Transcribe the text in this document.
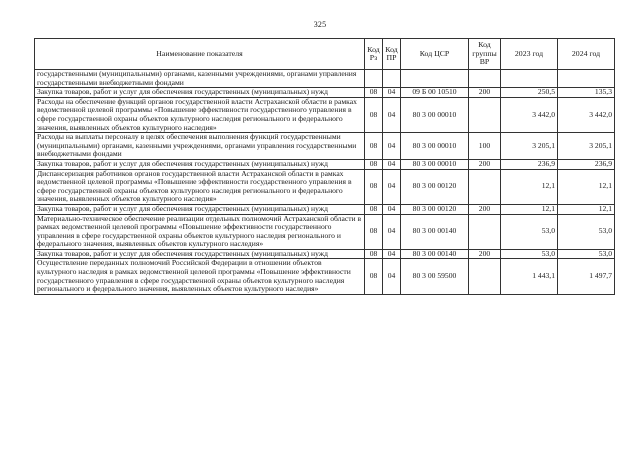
325
Наименование показателя	Код Рз	Код ПР	Код ЦСР	Код группы ВР	2023 год	2024 год
государственными (муниципальными) органами, казенными учреждениями, органами управления государственными внебюджетными фондами						
Закупка товаров, работ и услуг для обеспечения государственных (муниципальных) нужд	08	04	09 Б 00 10510	200	250,5	135,3
Расходы на обеспечение функций органов государственной власти Астраханской области в рамках ведомственной целевой программы «Повышение эффективности государственного управления в сфере государственной охраны объектов культурного наследия регионального и федерального значения, выявленных объектов культурного наследия»	08	04	80 3 00 00010		3 442,0	3 442,0
Расходы на выплаты персоналу в целях обеспечения выполнения функций государственными (муниципальными) органами, казенными учреждениями, органами управления государственными внебюджетными фондами	08	04	80 3 00 00010	100	3 205,1	3 205,1
Закупка товаров, работ и услуг для обеспечения государственных (муниципальных) нужд	08	04	80 3 00 00010	200	236,9	236,9
Диспансеризация работников органов государственной власти Астраханской области в рамках ведомственной целевой программы «Повышение эффективности государственного управления в сфере государственной охраны объектов культурного наследия регионального и федерального значения, выявленных объектов культурного наследия»	08	04	80 3 00 00120		12,1	12,1
Закупка товаров, работ и услуг для обеспечения государственных (муниципальных) нужд	08	04	80 3 00 00120	200	12,1	12,1
Материально-техническое обеспечение реализации отдельных полномочий Астраханской области в рамках ведомственной целевой программы «Повышение эффективности государственного управления в сфере государственной охраны объектов культурного наследия регионального и федерального значения, выявленных объектов культурного наследия»	08	04	80 3 00 00140		53,0	53,0
Закупка товаров, работ и услуг для обеспечения государственных (муниципальных) нужд	08	04	80 3 00 00140	200	53,0	53,0
Осуществление переданных полномочий Российской Федерации в отношении объектов культурного наследия в рамках ведомственной целевой программы «Повышение эффективности государственного управления в сфере государственной охраны объектов культурного наследия регионального и федерального значения, выявленных объектов культурного наследия»	08	04	80 3 00 59500		1 443,1	1 497,7
